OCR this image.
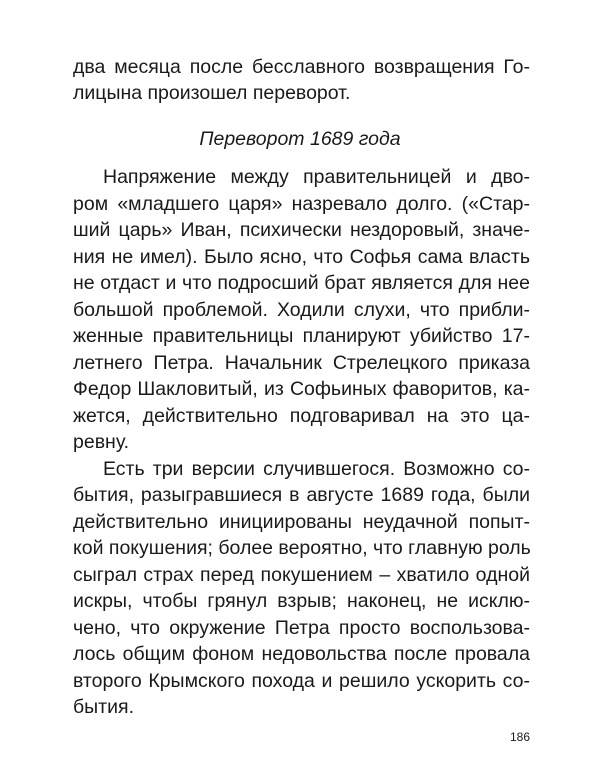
два месяца после бесславного возвращения Го-
лицына произошел переворот.
Переворот 1689 года
Напряжение между правительницей и дво-
ром «младшего царя» назревало долго. («Стар-
ший царь» Иван, психически нездоровый, значе-
ния не имел). Было ясно, что Софья сама власть
не отдаст и что подросший брат является для нее
большой проблемой. Ходили слухи, что прибли-
женные правительницы планируют убийство 17-
летнего Петра. Начальник Стрелецкого приказа
Федор Шакловитый, из Софьиных фаворитов, ка-
жется, действительно подговаривал на это ца-
ревну.
Есть три версии случившегося. Возможно со-
бытия, разыгравшиеся в августе 1689 года, были
действительно инициированы неудачной попыт-
кой покушения; более вероятно, что главную роль
сыграл страх перед покушением – хватило одной
искры, чтобы грянул взрыв; наконец, не исклю-
чено, что окружение Петра просто воспользова-
лось общим фоном недовольства после провала
второго Крымского похода и решило ускорить со-
бытия.
186
